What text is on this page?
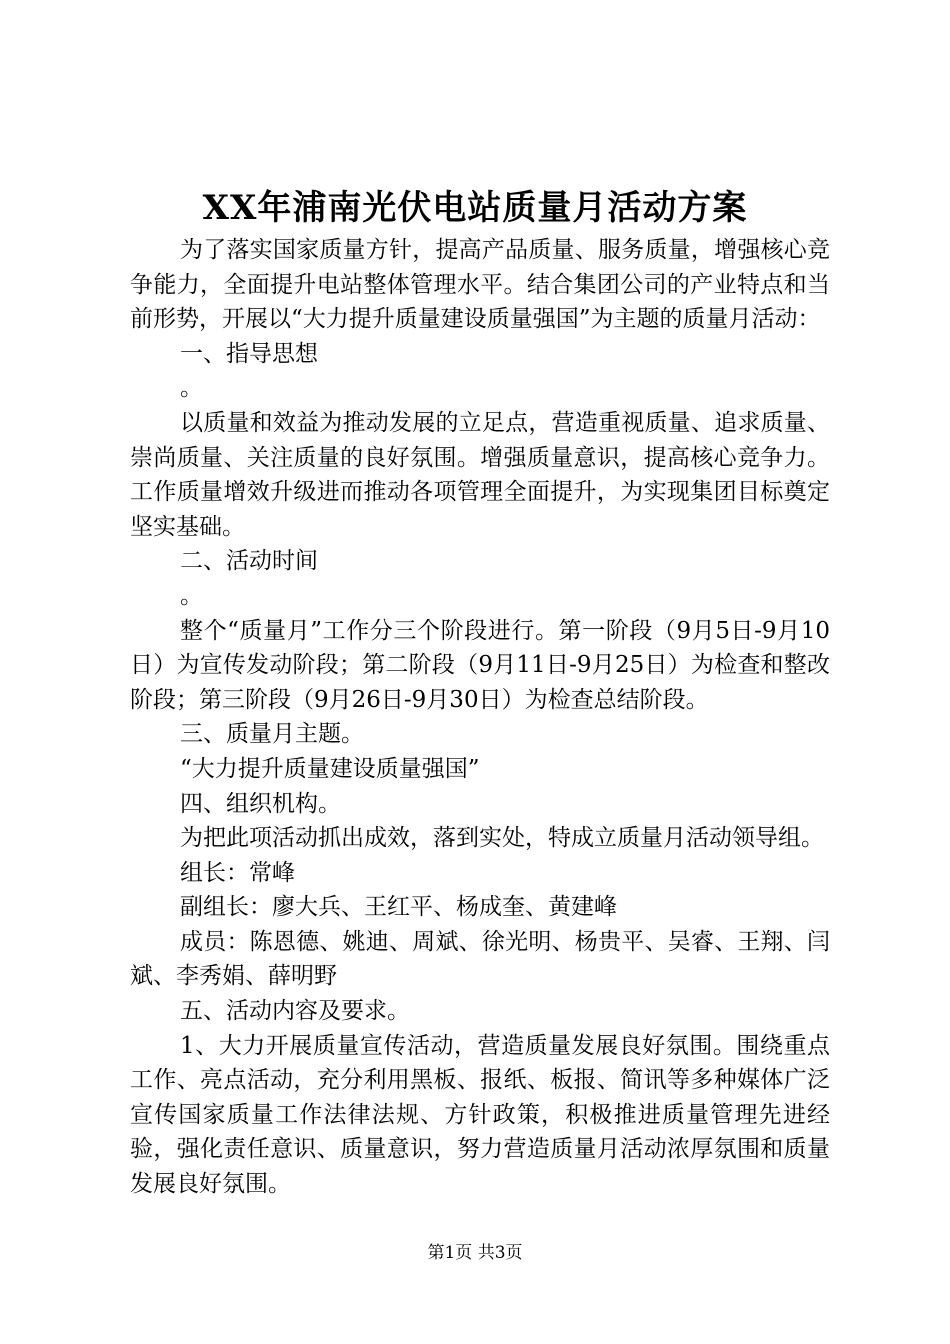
XX年浦南光伏电站质量月活动方案

为了落实国家质量方针，提高产品质量、服务质量，增强核心竞争能力，全面提升电站整体管理水平。结合集团公司的产业特点和当前形势，开展以“大力提升质量建设质量强国”为主题的质量月活动：

一、指导思想

。

以质量和效益为推动发展的立足点，营造重视质量、追求质量、崇尚质量、关注质量的良好氛围。增强质量意识，提高核心竞争力。工作质量增效升级进而推动各项管理全面提升，为实现集团目标奠定坚实基础。

二、活动时间

。

整个“质量月”工作分三个阶段进行。第一阶段（9月5日-9月10日）为宣传发动阶段；第二阶段（9月11日-9月25日）为检查和整改阶段；第三阶段（9月26日-9月30日）为检查总结阶段。

三、质量月主题。

“大力提升质量建设质量强国”

四、组织机构。

为把此项活动抓出成效，落到实处，特成立质量月活动领导组。

组长：常峰

副组长：廖大兵、王红平、杨成奎、黄建峰

成员：陈恩德、姚迪、周斌、徐光明、杨贵平、吴睿、王翔、闫斌、李秀娟、薛明野

五、活动内容及要求。

1、大力开展质量宣传活动，营造质量发展良好氛围。围绕重点工作、亮点活动，充分利用黑板、报纸、板报、简讯等多种媒体广泛宣传国家质量工作法律法规、方针政策，积极推进质量管理先进经验，强化责任意识、质量意识，努力营造质量月活动浓厚氛围和质量发展良好氛围。

第1页 共3页
